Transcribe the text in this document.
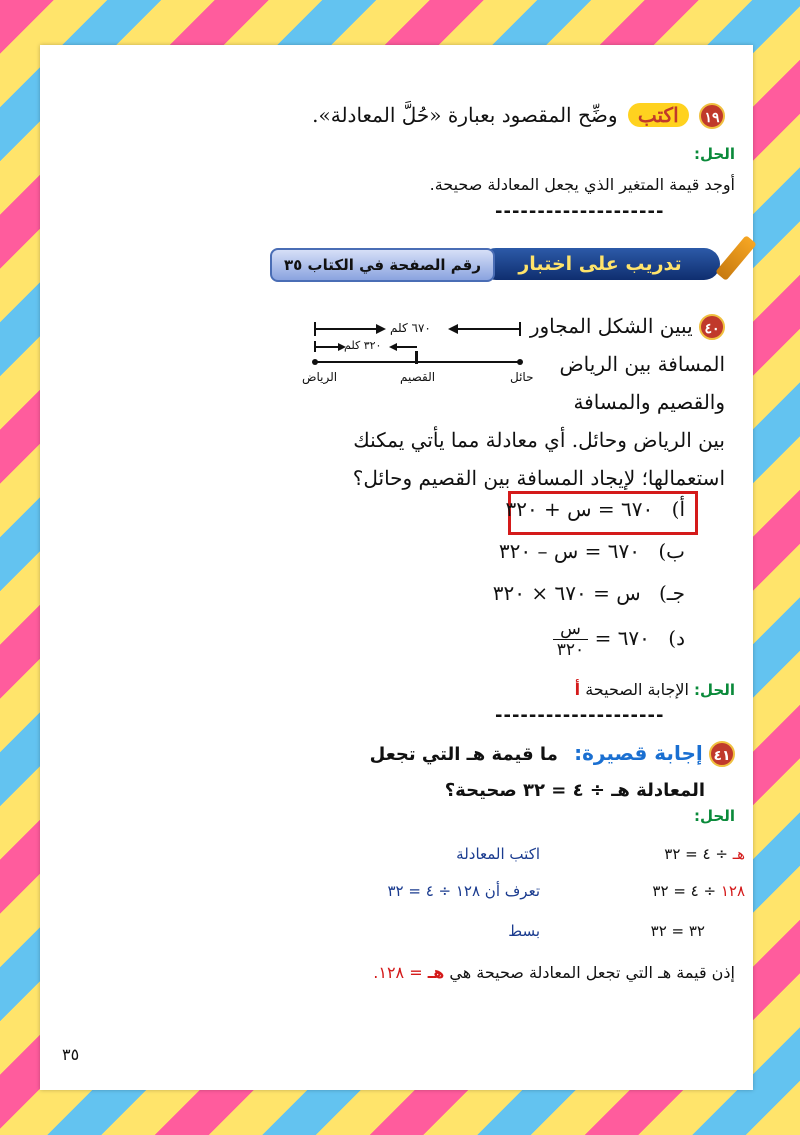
١٩ اكتب وضِّح المقصود بعبارة «حُلَّ المعادلة».
الحل:
أوجد قيمة المتغير الذي يجعل المعادلة صحيحة.
--------------------
تدريب على اختبار
رقم الصفحة في الكتاب ٣٥
٤٠ يبين الشكل المجاور
المسافة بين الرياض
والقصيم والمسافة
بين الرياض وحائل. أي معادلة مما يأتي يمكنك
استعمالها؛ لإيجاد المسافة بين القصيم وحائل؟
٦٧٠ كلم
٣٢٠ كلم
الرياض	القصيم	حائل
أ) ٦٧٠ = س + ٣٢٠
ب) ٦٧٠ = س – ٣٢٠
جـ) س = ٦٧٠ × ٣٢٠
د) ٦٧٠ =
$\frac{\text{س}}{٣٢٠}$
الحل: الإجابة الصحيحة أ
--------------------
٤١ إجابة قصيرة: ما قيمة هـ التي تجعل
المعادلة هـ ÷ ٤ = ٣٢ صحيحة؟
الحل:
هـ ÷ ٤ = ٣٢
اكتب المعادلة
١٢٨ ÷ ٤ = ٣٢
تعرف أن ١٢٨ ÷ ٤ = ٣٢
٣٢ = ٣٢
بسط
إذن قيمة هـ التي تجعل المعادلة صحيحة هي هـ = ١٢٨.
٣٥
